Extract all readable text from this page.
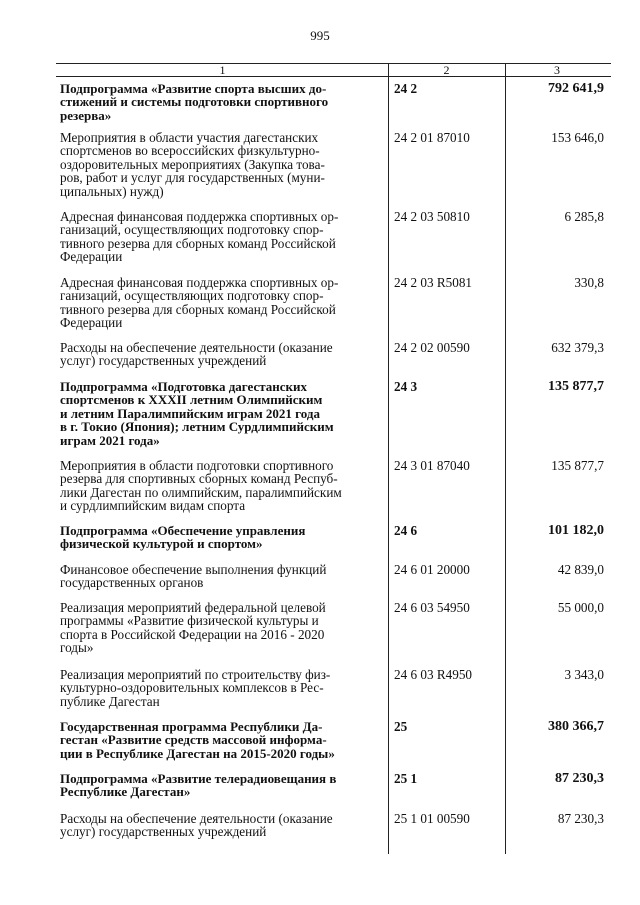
995
1	2	3
Подпрограмма «Развитие спорта высших до-
стижений и системы подготовки спортивного
резерва»
24 2	792 641,9
Мероприятия в области участия дагестанских
спортсменов во всероссийских физкультурно-
оздоровительных мероприятиях (Закупка това-
ров, работ и услуг для государственных (муни-
ципальных) нужд)
24 2 01 87010	153 646,0
Адресная финансовая поддержка спортивных ор-
ганизаций, осуществляющих подготовку спор-
тивного резерва для сборных команд Российской
Федерации
24 2 03 50810	6 285,8
Адресная финансовая поддержка спортивных ор-
ганизаций, осуществляющих подготовку спор-
тивного резерва для сборных команд Российской
Федерации
24 2 03 R5081	330,8
Расходы на обеспечение деятельности (оказание
услуг) государственных учреждений
24 2 02 00590	632 379,3
Подпрограмма «Подготовка дагестанских
спортсменов к XXXII летним Олимпийским
и летним Паралимпийским играм 2021 года
в г. Токио (Япония); летним Сурдлимпийским
играм 2021 года»
24 3	135 877,7
Мероприятия в области подготовки спортивного
резерва для спортивных сборных команд Респуб-
лики Дагестан по олимпийским, паралимпийским
и сурдлимпийским видам спорта
24 3 01 87040	135 877,7
Подпрограмма «Обеспечение управления
физической культурой и спортом»
24 6	101 182,0
Финансовое обеспечение выполнения функций
государственных органов
24 6 01 20000	42 839,0
Реализация мероприятий федеральной целевой
программы «Развитие физической культуры и
спорта в Российской Федерации на 2016 - 2020
годы»
24 6 03 54950	55 000,0
Реализация мероприятий по строительству физ-
культурно-оздоровительных комплексов в Рес-
публике Дагестан
24 6 03 R4950	3 343,0
Государственная программа Республики Да-
гестан «Развитие средств массовой информа-
ции в Республике Дагестан на 2015-2020 годы»
25	380 366,7
Подпрограмма «Развитие телерадиовещания в
Республике Дагестан»
25 1	87 230,3
Расходы на обеспечение деятельности (оказание
услуг) государственных учреждений
25 1 01 00590	87 230,3
